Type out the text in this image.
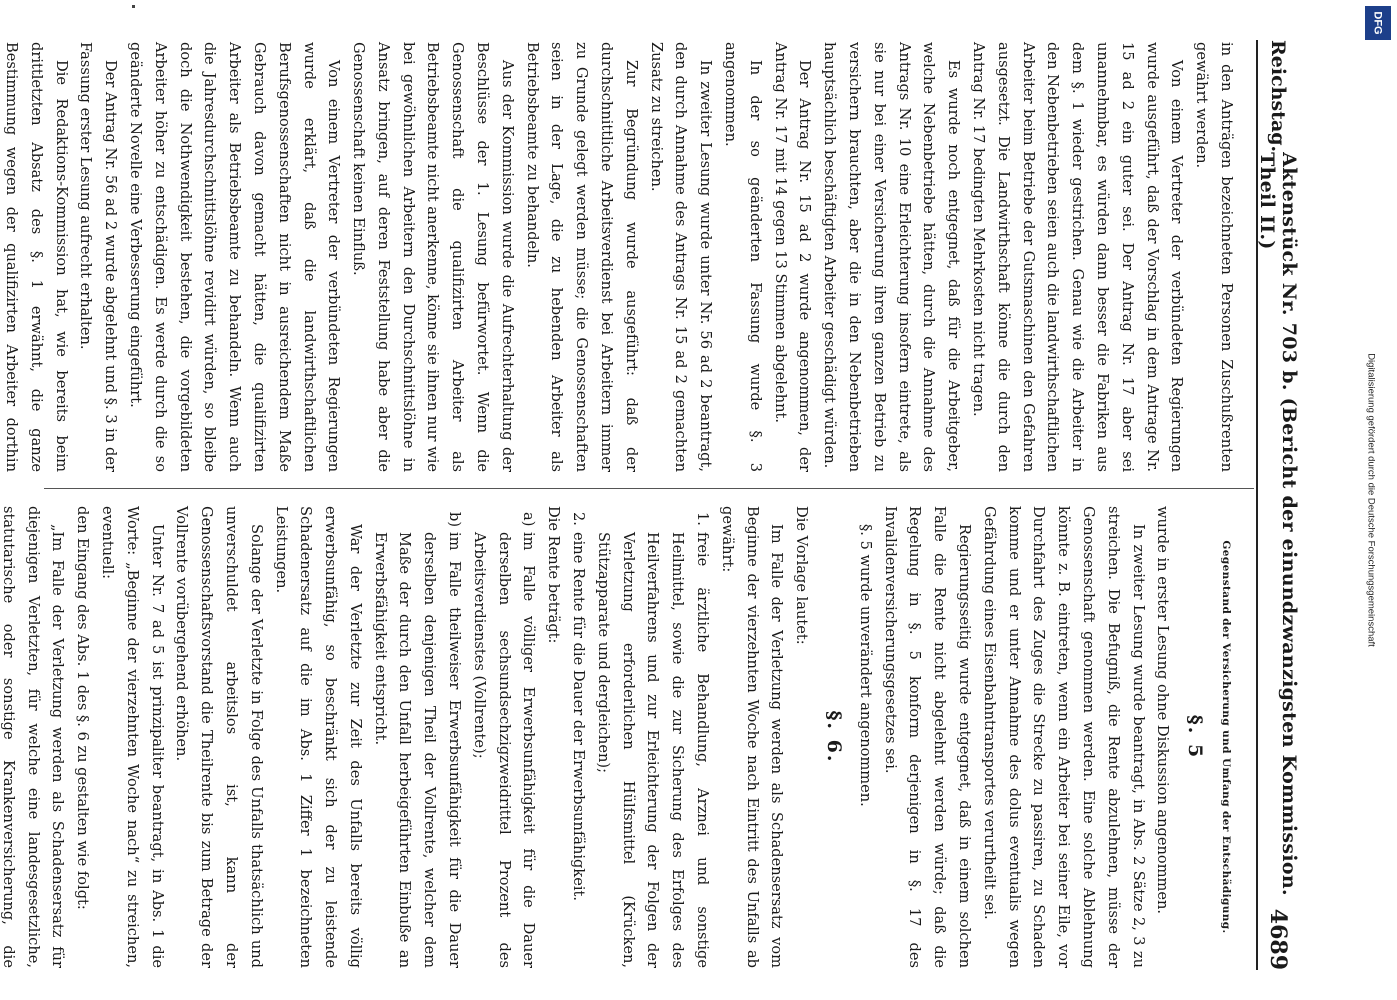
Reichstag.
Aktenstück Nr. 703 b. (Bericht der einundzwanzigsten Kommission. Theil II.)
4689

in den Anträgen bezeichneten Personen Zuschußrenten gewährt werden.

Von einem Vertreter der verbündeten Regierungen wurde ausgeführt, daß der Vorschlag in dem Antrage Nr. 15 ad 2 ein guter sei. Der Antrag Nr. 17 aber sei unannehmbar, es würden dann besser die Fabriken aus dem §. 1 wieder gestrichen. Genau wie die Arbeiter in den Nebenbetrieben seien auch die landwirthschaftlichen Arbeiter beim Betriebe der Gutsmaschinen den Gefahren ausgesetzt. Die Landwirthschaft könne die durch den Antrag Nr. 17 bedingten Mehrkosten nicht tragen.

Es wurde noch entgegnet, daß für die Arbeitgeber, welche Nebenbetriebe hätten, durch die Annahme des Antrags Nr. 10 eine Erleichterung insofern eintrete, als sie nur bei einer Versicherung ihren ganzen Betrieb zu versichern brauchten, aber die in den Nebenbetrieben hauptsächlich beschäftigten Arbeiter geschädigt würden.

Der Antrag Nr. 15 ad 2 wurde angenommen, der Antrag Nr. 17 mit 14 gegen 13 Stimmen abgelehnt.

In der so geänderten Fassung wurde §. 3 angenommen.

In zweiter Lesung wurde unter Nr. 56 ad 2 beantragt, den durch Annahme des Antrags Nr. 15 ad 2 gemachten Zusatz zu streichen.

Zur Begründung wurde ausgeführt: daß der durchschnittliche Arbeitsverdienst bei Arbeitern immer zu Grunde gelegt werden müsse; die Genossenschaften seien in der Lage, die zu hebenden Arbeiter als Betriebsbeamte zu behandeln.

Aus der Kommission wurde die Aufrechterhaltung der Beschlüsse der 1. Lesung befürwortet. Wenn die Genossenschaft die qualifizirten Arbeiter als Betriebsbeamte nicht anerkenne, könne sie ihnen nur wie bei gewöhnlichen Arbeitern den Durchschnittslöhne in Ansatz bringen, auf deren Feststellung habe aber die Genossenschaft keinen Einfluß.

Von einem Vertreter der verbündeten Regierungen wurde erklärt, daß die landwirthschaftlichen Berufsgenossenschaften nicht in ausreichendem Maße Gebrauch davon gemacht hätten, die qualifizirten Arbeiter als Betriebsbeamte zu behandeln. Wenn auch die Jahresdurchschnittslöhne revidirt würden, so bleibe doch die Nothwendigkeit bestehen, die vorgebildeten Arbeiter höher zu entschädigen. Es werde durch die so geänderte Novelle eine Verbesserung eingeführt.

Der Antrag Nr. 56 ad 2 wurde abgelehnt und §. 3 in der Fassung erster Lesung aufrecht erhalten.

Die Redaktions-Kommission hat, wie bereits beim drittletzten Absatz des §. 1 erwähnt, die ganze Bestimmung wegen der qualifizirten Arbeiter dorthin

Gegenstand der Versicherung und Umfang der Entschädigung.
§. 5

wurde in erster Lesung ohne Diskussion angenommen.

In zweiter Lesung wurde beantragt, in Abs. 2 Sätze 2, 3 zu streichen. Die Befugniß, die Rente abzulehnen, müsse der Genossenschaft genommen werden. Eine solche Ablehnung könnte z. B. eintreten, wenn ein Arbeiter bei seiner Eile, vor Durchfahrt des Zuges die Strecke zu passiren, zu Schaden komme und er unter Annahme des dolus eventualis wegen Gefährdung eines Eisenbahntransportes verurtheilt sei.

Regierungsseitig wurde entgegnet, daß in einem solchen Falle die Rente nicht abgelehnt werden würde; daß die Regelung in §. 5 konform derjenigen in §. 17 des Invalidenversicherungsgesetzes sei.

§. 5 wurde unverändert angenommen.

§. 6.

Die Vorlage lautet:

Im Falle der Verletzung werden als Schadensersatz vom Beginne der vierzehnten Woche nach Eintritt des Unfalls ab gewährt:

1.
freie ärztliche Behandlung, Arznei und sonstige Heilmittel, sowie die zur Sicherung des Erfolges des Heilverfahrens und zur Erleichterung der Folgen der Verletzung erforderlichen Hülfsmittel (Krücken, Stützapparate und dergleichen);

2.
eine Rente für die Dauer der Erwerbsunfähigkeit.

Die Rente beträgt:

a)
im Falle völliger Erwerbsunfähigkeit für die Dauer derselben sechsundsechzigzweidrittel Prozent des Arbeitsverdienstes (Vollrente);

b)
im Falle theilweiser Erwerbsunfähigkeit für die Dauer derselben denjenigen Theil der Vollrente, welcher dem Maße der durch den Unfall herbeigeführten Einbuße an Erwerbsfähigkeit entspricht.

War der Verletzte zur Zeit des Unfalls bereits völlig erwerbsunfähig, so beschränkt sich der zu leistende Schadenersatz auf die im Abs. 1 Ziffer 1 bezeichneten Leistungen.

Solange der Verletzte in Folge des Unfalls thatsächlich und unverschuldet arbeitslos ist, kann der Genossenschaftsvorstand die Theilrente bis zum Betrage der Vollrente vorübergehend erhöhen.

Unter Nr. 7 ad 5 ist prinzipaliter beantragt, in Abs. 1 die Worte: „Beginne der vierzehnten Woche nach“ zu streichen, eventuell:

den Eingang des Abs. 1 des §. 6 zu gestalten wie folgt:

„Im Falle der Verletzung werden als Schadensersatz für diejenigen Verletzten, für welche eine landesgesetzliche, statutarische oder sonstige Krankenversicherung, die

Digitalisierung gefördert durch die Deutsche Forschungsgemeinschaft
DFG
